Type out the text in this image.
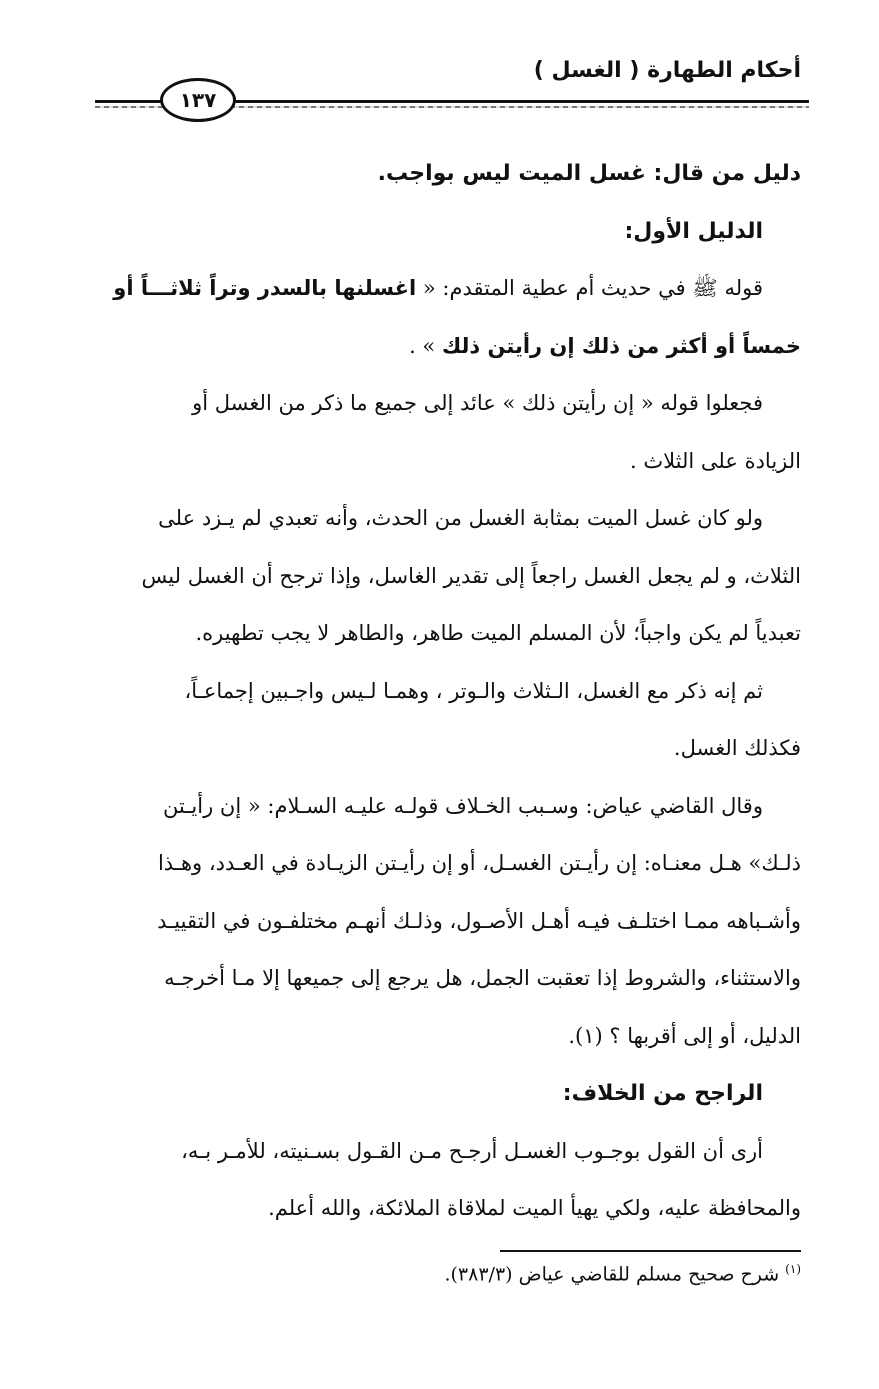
أحكام الطهارة ( الغسل )
١٣٧
دليل من قال: غسل الميت ليس بواجب.
الدليل الأول:
قوله ﷺ في حديث أم عطية المتقدم: « اغسلنها بالسدر وتراً ثلاثـــاً أو
خمساً أو أكثر من ذلك إن رأيتن ذلك » .
فجعلوا قوله « إن رأيتن ذلك » عائد إلى جميع ما ذكر من الغسل أو
الزيادة على الثلاث .
ولو كان غسل الميت بمثابة الغسل من الحدث، وأنه تعبدي لم يـزد على
الثلاث، و لم يجعل الغسل راجعاً إلى تقدير الغاسل، وإذا ترجح أن الغسل ليس
تعبدياً لم يكن واجباً؛ لأن المسلم الميت طاهر، والطاهر لا يجب تطهيره.
ثم إنه ذكر مع الغسل، الـثلاث والـوتر ، وهمـا لـيس واجـبين إجماعـاً،
فكذلك الغسل.
وقال القاضي عياض: وسـبب الخـلاف قولـه عليـه السـلام: « إن رأيـتن
ذلـك» هـل معنـاه: إن رأيـتن الغسـل، أو إن رأيـتن الزيـادة في العـدد، وهـذا
وأشـباهه ممـا اختلـف فيـه أهـل الأصـول، وذلـك أنهـم مختلفـون في التقييـد
والاستثناء، والشروط إذا تعقبت الجمل، هل يرجع إلى جميعها إلا مـا أخرجـه
الدليل، أو إلى أقربها ؟ (١).
الراجح من الخلاف:
أرى أن القول بوجـوب الغسـل أرجـح مـن القـول بسـنيته، للأمـر بـه،
والمحافظة عليه، ولكي يهيأ الميت لملاقاة الملائكة، والله أعلم.
$^{(١)}$شرح صحيح مسلم للقاضي عياض (٣٨٣/٣).
